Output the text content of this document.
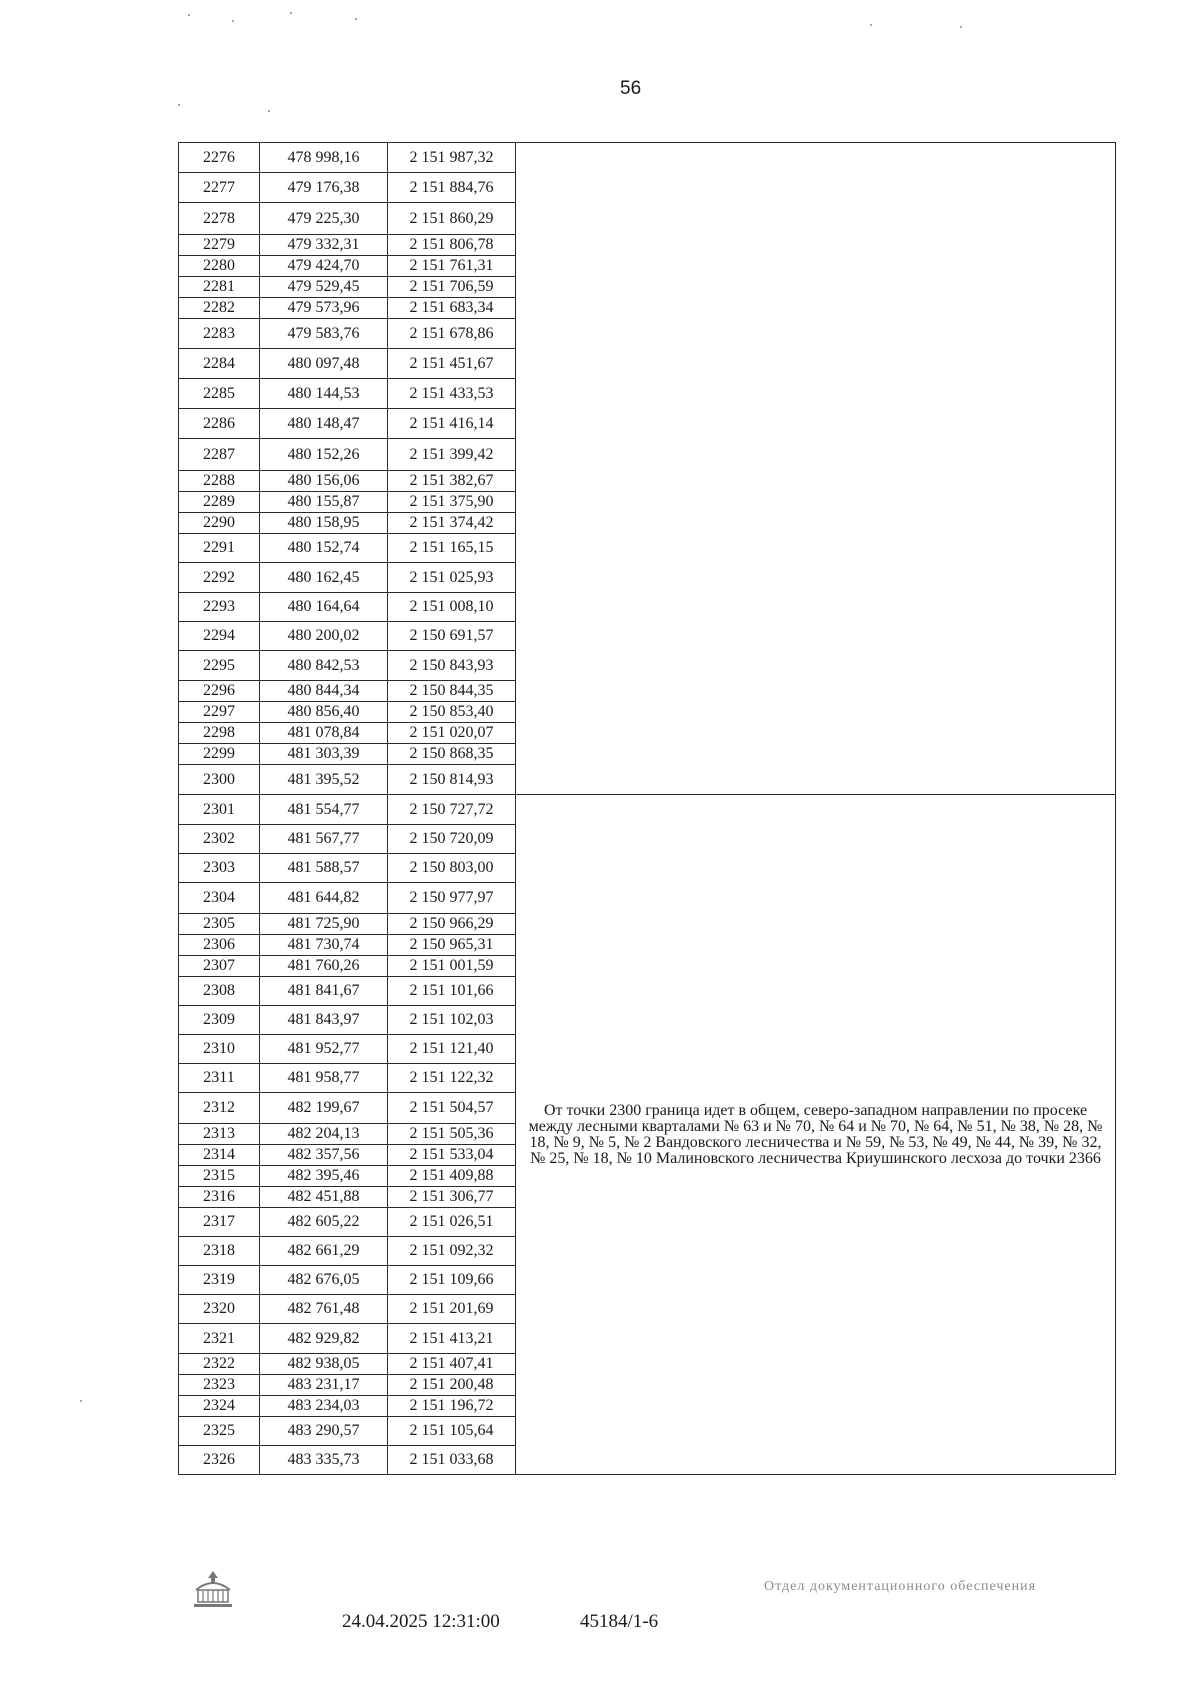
56
2276	478 998,16	2 151 987,32	
2277	479 176,38	2 151 884,76	
2278	479 225,30	2 151 860,29	
2279	479 332,31	2 151 806,78	
2280	479 424,70	2 151 761,31	
2281	479 529,45	2 151 706,59	
2282	479 573,96	2 151 683,34	
2283	479 583,76	2 151 678,86	
2284	480 097,48	2 151 451,67	
2285	480 144,53	2 151 433,53	
2286	480 148,47	2 151 416,14	
2287	480 152,26	2 151 399,42	
2288	480 156,06	2 151 382,67	
2289	480 155,87	2 151 375,90	
2290	480 158,95	2 151 374,42	
2291	480 152,74	2 151 165,15	
2292	480 162,45	2 151 025,93	
2293	480 164,64	2 151 008,10	
2294	480 200,02	2 150 691,57	
2295	480 842,53	2 150 843,93	
2296	480 844,34	2 150 844,35	
2297	480 856,40	2 150 853,40	
2298	481 078,84	2 151 020,07	
2299	481 303,39	2 150 868,35	
2300	481 395,52	2 150 814,93	
2301	481 554,77	2 150 727,72	От точки 2300 граница идет в общем, северо-западном направлении по просеке между лесными кварталами № 63 и № 70, № 64 и № 70, № 64, № 51, № 38, № 28, № 18, № 9, № 5, № 2 Вандовского лесничества и № 59, № 53, № 49, № 44, № 39, № 32, № 25, № 18, № 10 Малиновского лесничества Криушинского лесхоза до точки 2366

2302	481 567,77	2 150 720,09	
2303	481 588,57	2 150 803,00	
2304	481 644,82	2 150 977,97	
2305	481 725,90	2 150 966,29	
2306	481 730,74	2 150 965,31	
2307	481 760,26	2 151 001,59	
2308	481 841,67	2 151 101,66	
2309	481 843,97	2 151 102,03	
2310	481 952,77	2 151 121,40	
2311	481 958,77	2 151 122,32	
2312	482 199,67	2 151 504,57	
2313	482 204,13	2 151 505,36	
2314	482 357,56	2 151 533,04	
2315	482 395,46	2 151 409,88	
2316	482 451,88	2 151 306,77	
2317	482 605,22	2 151 026,51	
2318	482 661,29	2 151 092,32	
2319	482 676,05	2 151 109,66	
2320	482 761,48	2 151 201,69	
2321	482 929,82	2 151 413,21	
2322	482 938,05	2 151 407,41	
2323	483 231,17	2 151 200,48	
2324	483 234,03	2 151 196,72	
2325	483 290,57	2 151 105,64	
2326	483 335,73	2 151 033,68	
24.04.2025 12:31:00	45184/1-6
Отдел документационного обеспечения
